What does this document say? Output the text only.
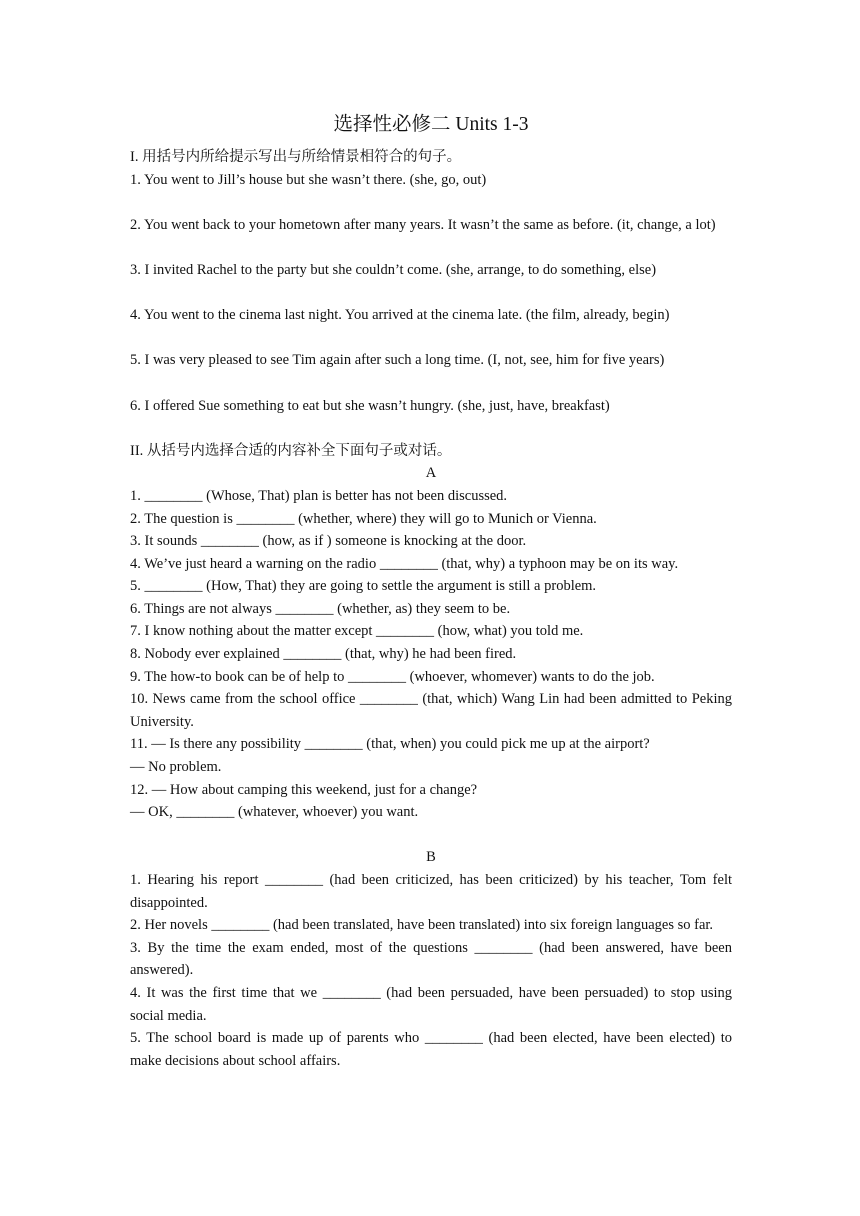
选择性必修二 Units 1-3
I. 用括号内所给提示写出与所给情景相符合的句子。

1. You went to Jill’s house but she wasn’t there. (she, go, out)

2. You went back to your hometown after many years. It wasn’t the same as before. (it, change, a lot)

3. I invited Rachel to the party but she couldn’t come. (she, arrange, to do something, else)

4. You went to the cinema last night. You arrived at the cinema late. (the film, already, begin)

5. I was very pleased to see Tim again after such a long time. (I, not, see, him for five years)

6. I offered Sue something to eat but she wasn’t hungry. (she, just, have, breakfast)

II. 从括号内选择合适的内容补全下面句子或对话。
A

1. ________ (Whose, That) plan is better has not been discussed.

2. The question is ________ (whether, where) they will go to Munich or Vienna.

3. It sounds ________ (how, as if ) someone is knocking at the door.

4. We’ve just heard a warning on the radio ________ (that, why) a typhoon may be on its way.

5. ________ (How, That) they are going to settle the argument is still a problem.

6. Things are not always ________ (whether, as) they seem to be.

7. I know nothing about the matter except ________ (how, what) you told me.

8. Nobody ever explained ________ (that, why) he had been fired.

9. The how-to book can be of help to ________ (whoever, whomever) wants to do the job.

10. News came from the school office ________ (that, which) Wang Lin had been admitted to Peking University.

11. — Is there any possibility ________ (that, when) you could pick me up at the airport?

— No problem.

12. — How about camping this weekend, just for a change?

— OK, ________ (whatever, whoever) you want.

B

1. Hearing his report ________ (had been criticized, has been criticized) by his teacher, Tom felt disappointed.

2. Her novels ________ (had been translated, have been translated) into six foreign languages so far.

3. By the time the exam ended, most of the questions ________ (had been answered, have been answered).

4. It was the first time that we ________ (had been persuaded, have been persuaded) to stop using social media.

5. The school board is made up of parents who ________ (had been elected, have been elected) to make decisions about school affairs.
